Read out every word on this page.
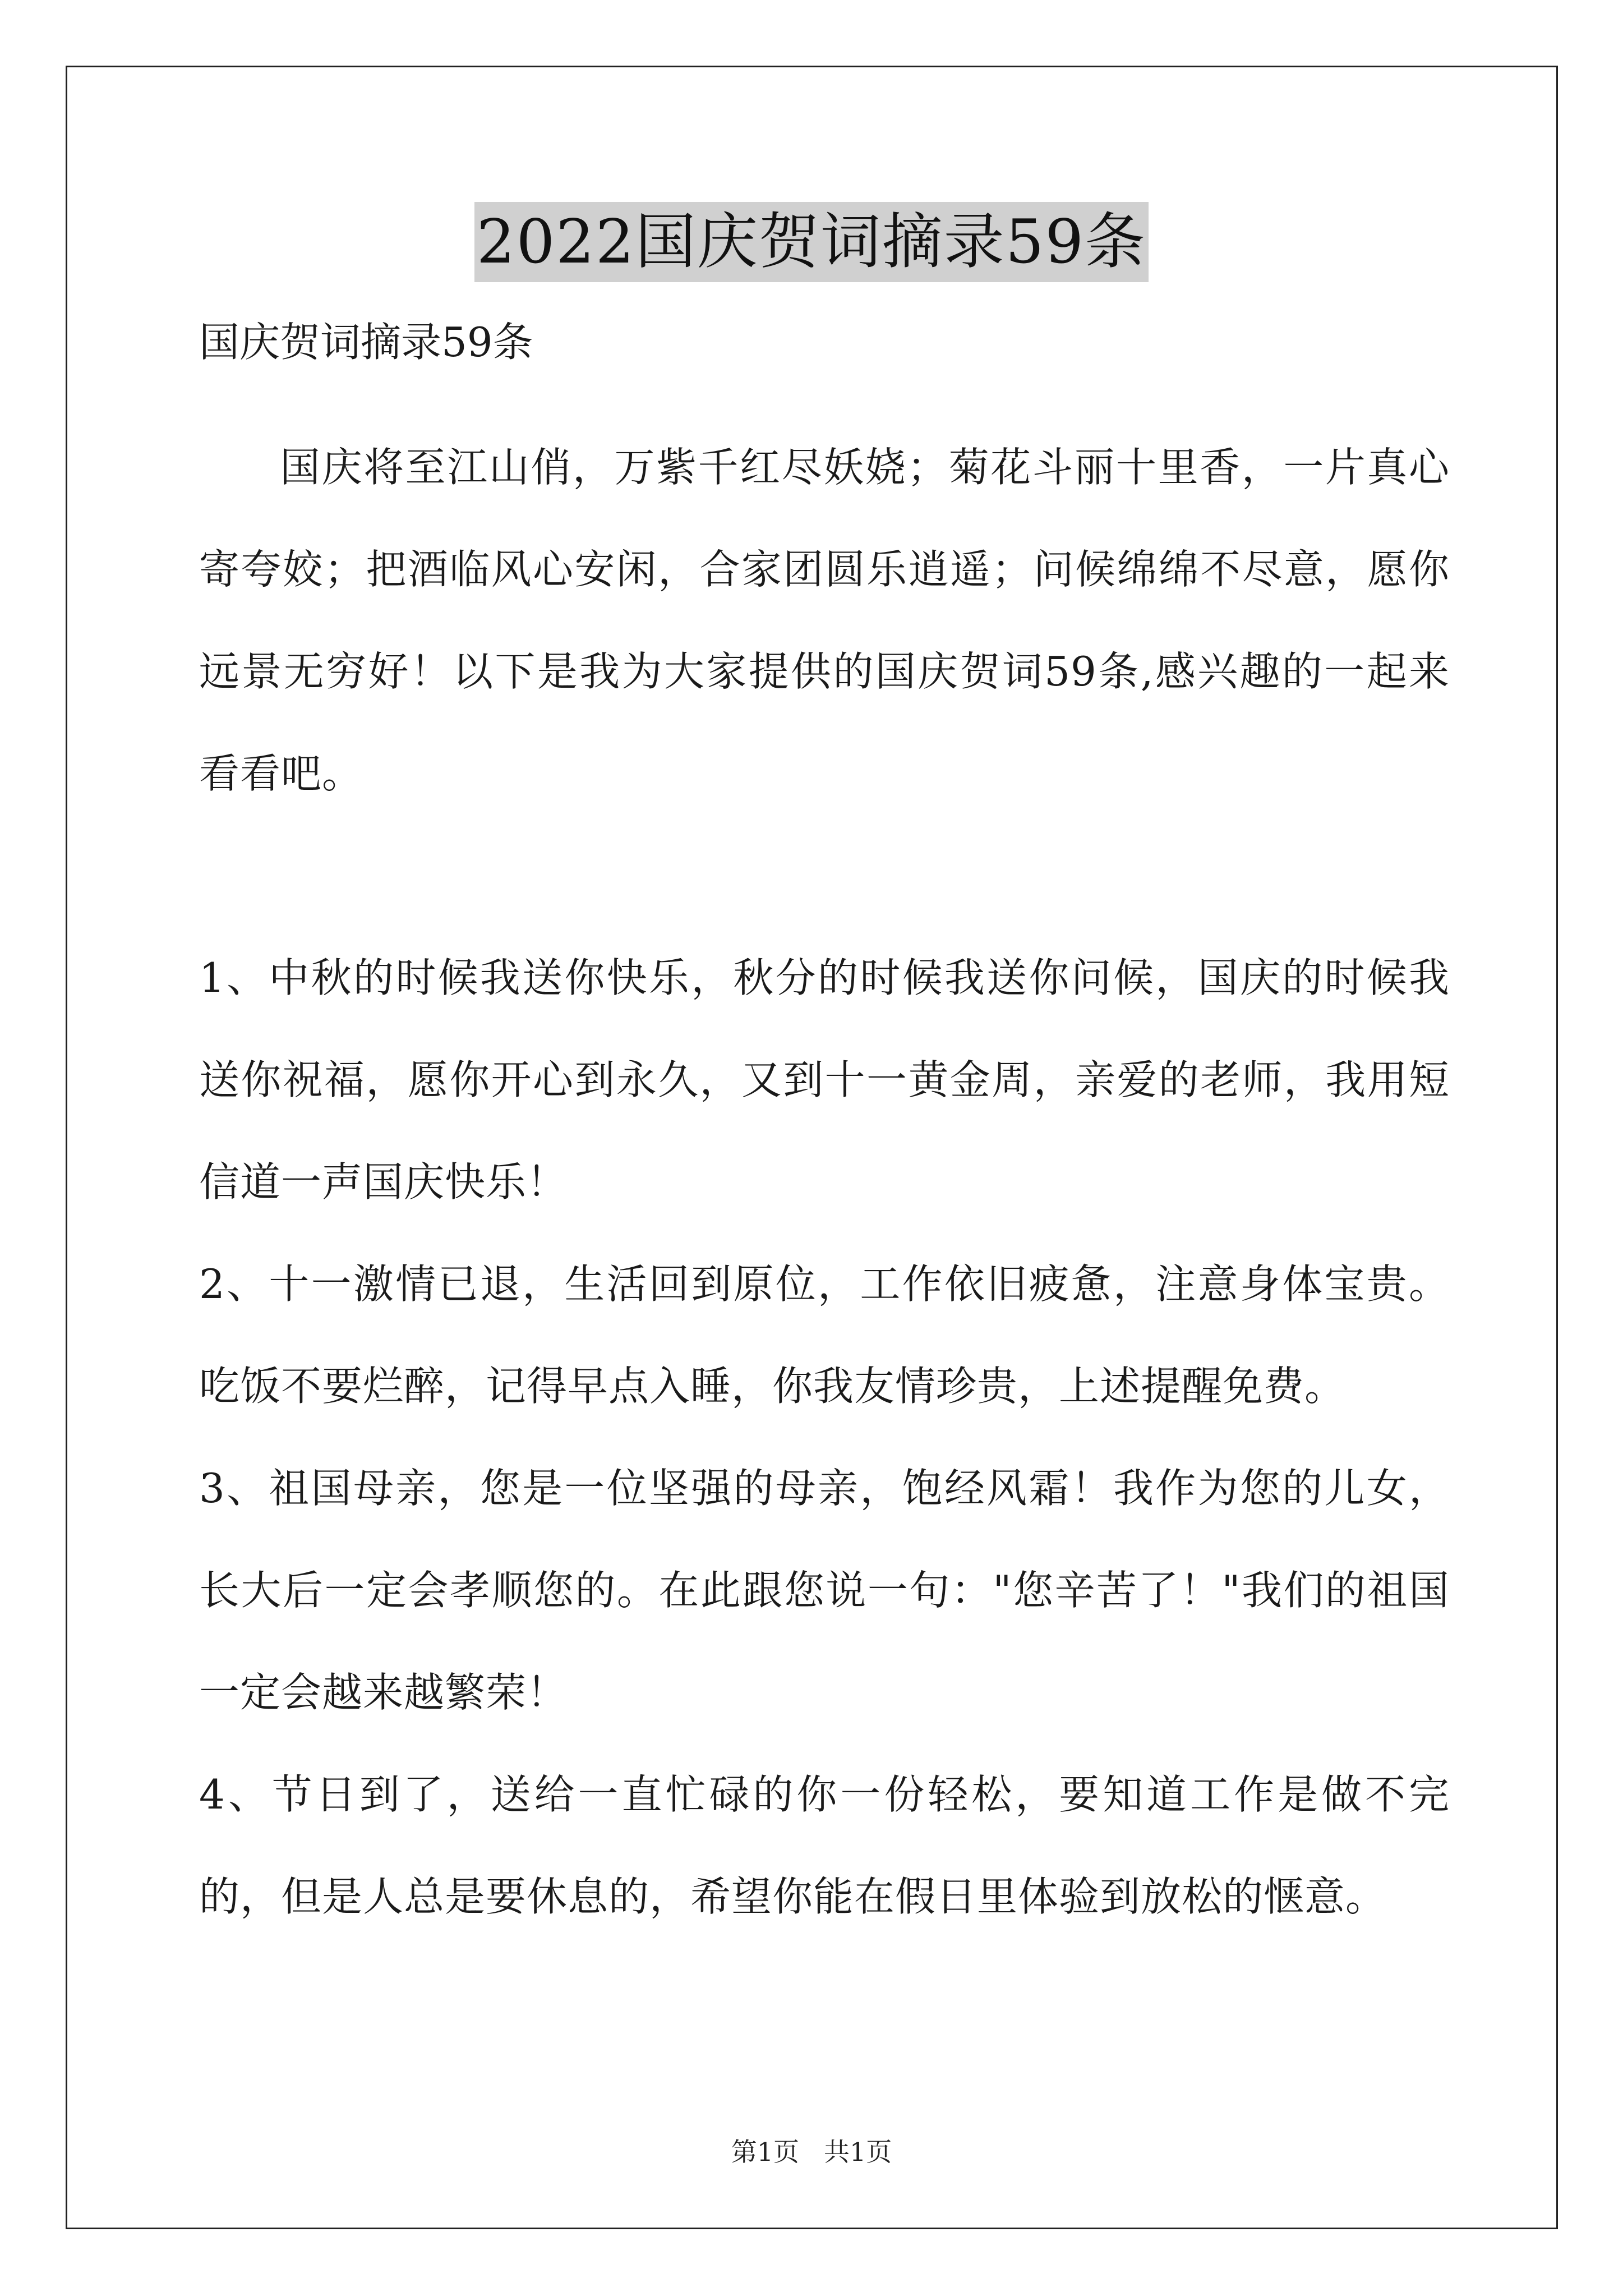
2022国庆贺词摘录59条

国庆贺词摘录59条

国庆将至江山俏，万紫千红尽妖娆；菊花斗丽十里香，一片真心寄夸姣；把酒临风心安闲，合家团圆乐逍遥；问候绵绵不尽意，愿你远景无穷好！以下是我为大家提供的国庆贺词59条,感兴趣的一起来看看吧。

1、中秋的时候我送你快乐，秋分的时候我送你问候，国庆的时候我送你祝福，愿你开心到永久，又到十一黄金周，亲爱的老师，我用短信道一声国庆快乐！

2、十一激情已退，生活回到原位，工作依旧疲惫，注意身体宝贵。吃饭不要烂醉，记得早点入睡，你我友情珍贵，上述提醒免费。

3、祖国母亲，您是一位坚强的母亲，饱经风霜！我作为您的儿女，长大后一定会孝顺您的。在此跟您说一句："您辛苦了！"我们的祖国一定会越来越繁荣！

4、节日到了，送给一直忙碌的你一份轻松，要知道工作是做不完的，但是人总是要休息的，希望你能在假日里体验到放松的惬意。

第1页 共1页
